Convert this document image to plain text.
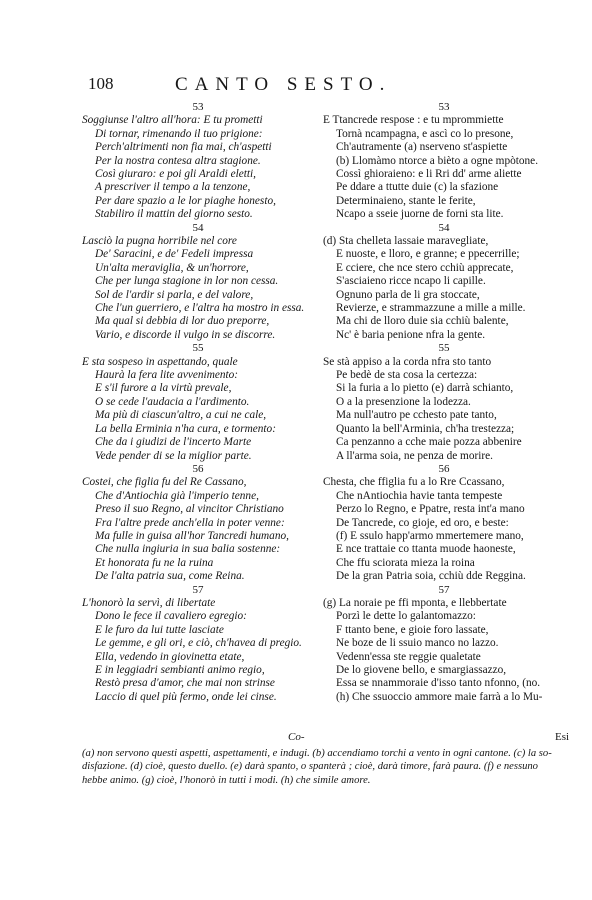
108	CANTO SESTO.
53
Soggiunse l'altro all'hora: E tu prometti
Di tornar, rimenando il tuo prigione:
Perch'altrimenti non fia mai, ch'aspetti
Per la nostra contesa altra stagione.
Così giuraro: e poi gli Araldi eletti,
A prescriver il tempo a la tenzone,
Per dare spazio a le lor piaghe honesto,
Stabiliro il mattin del giorno sesto.
54
Lasciò la pugna horribile nel core
De' Saracini, e de' Fedeli impressa
Un'alta meraviglia, & un'horrore,
Che per lunga stagione in lor non cessa.
Sol de l'ardir si parla, e del valore,
Che l'un guerriero, e l'altra ha mostro in essa.
Ma qual si debbia di lor duo preporre,
Vario, e discorde il vulgo in se discorre.
55
E sta sospeso in aspettando, quale
Haurà la fera lite avvenimento:
E s'il furore a la virtù prevale,
O se cede l'audacia a l'ardimento.
Ma più di ciascun'altro, a cui ne cale,
La bella Erminia n'ha cura, e tormento:
Che da i giudizi de l'incerto Marte
Vede pender di se la miglior parte.
56
Costei, che figlia fu del Re Cassano,
Che d'Antiochia già l'imperio tenne,
Preso il suo Regno, al vincitor Christiano
Fra l'altre prede anch'ella in poter venne:
Ma fulle in guisa all'hor Tancredi humano,
Che nulla ingiuria in sua balia sostenne:
Et honorata fu ne la ruina
De l'alta patria sua, come Reina.
57
L'honorò la servì, di libertate
Dono le fece il cavaliero egregio:
E le furo da lui tutte lasciate
Le gemme, e gli ori, e ciò, ch'havea di pregio.
Ella, vedendo in giovinetta etate,
E in leggiadri sembianti animo regio,
Restò presa d'amor, che mai non strinse
Laccio di quel più fermo, onde lei cinse.
53
E Ttancrede respose : e tu mprommiette
Tornà ncampagna, e ascì co lo presone,
Ch'autramente (a) nserveno st'aspiette
(b) Llomàmo ntorce a bièto a ogne mpòtone.
Cossì ghioraieno: e li Rri dd' arme aliette
Pe ddare a ttutte duie (c) la sfazione
Determinaieno, stante le ferite,
Ncapo a sseie juorne de forni sta lite.
54
(d) Sta chelleta lassaie maravegliate,
E nuoste, e lloro, e granne; e ppecerrille;
E cciere, che nce stero cchiù apprecate,
S'asciaieno ricce ncapo li capille.
Ognuno parla de li gra stoccate,
Revierze, e strammazzune a mille a mille.
Ma chi de lloro duie sia cchiù balente,
Nc' è baria penione nfra la gente.
55
Se stà appiso a la corda nfra sto tanto
Pe bedè de sta cosa la certezza:
Si la furia a lo pietto (e) darrà schianto,
O a la presenzione la lodezza.
Ma null'autro pe cchesto pate tanto,
Quanto la bell'Arminia, ch'ha trestezza;
Ca penzanno a cche maie pozza abbenire
A ll'arma soia, ne penza de morire.
56
Chesta, che ffiglia fu a lo Rre Ccassano,
Che nAntiochia havie tanta tempeste
Perzo lo Regno, e Ppatre, resta int'a mano
De Tancrede, co gioje, ed oro, e beste:
(f) E ssulo happ'armo mmertemere mano,
E nce trattaie co ttanta muode haoneste,
Che ffu sciorata mieza la roina
De la gran Patria soia, cchiù dde Reggina.
57
(g) La noraie pe ffi mponta, e llebbertate
Porzì le dette lo galantomazzo:
F ttanto bene, e gioie foro lassate,
Ne boze de li ssuio manco no lazzo.
Vedenn'essa ste reggie qualetate
De lo giovene bello, e smargiassazzo,
Essa se nnammoraie d'isso tanto nfonno, (no.
(h) Che ssuoccio ammore maie farrà a lo Mu-
Co-	Esi

(a) non servono questi aspetti, aspettamenti, e indugi. (b) accendiamo torchi a vento in ogni cantone. (c) la so-

disfazione. (d) cioè, questo duello. (e) darà spanto, o spanterà ; cioè, darà timore, farà paura. (f) e nessuno

hebbe animo. (g) cioè, l'honorò in tutti i modi. (h) che simile amore.
